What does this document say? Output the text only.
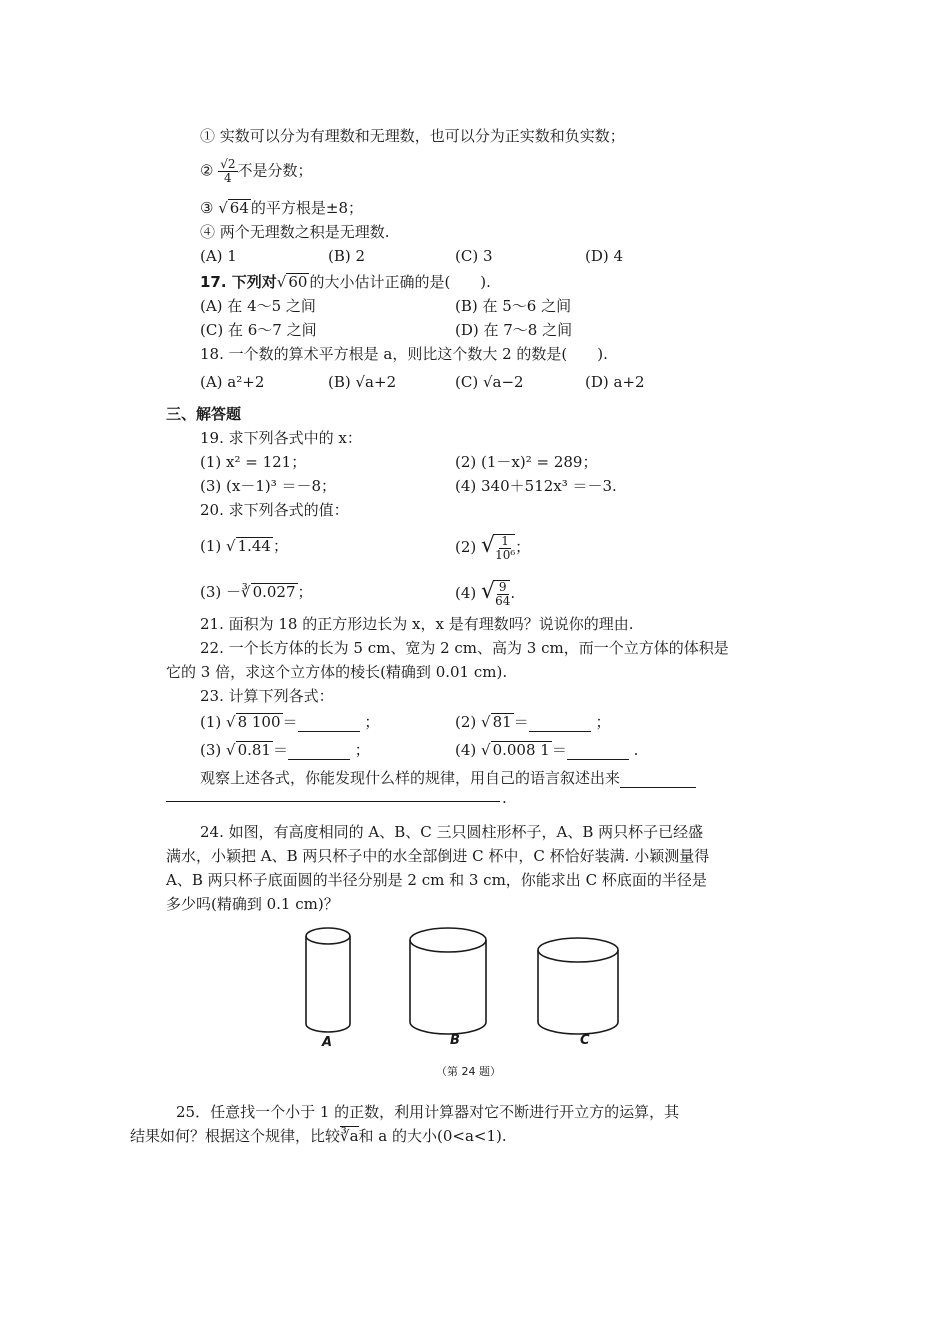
① 实数可以分为有理数和无理数，也可以分为正实数和负实数；
② $\frac{√2}{4}$ 不是分数；
③ √ 64 的平方根是±8；
④ 两个无理数之积是无理数.
(A) 1	(B) 2	(C) 3	(D) 4
17. 下列对√ 60 的大小估计正确的是(　　).
(A) 在 4～5 之间	(B) 在 5～6 之间
(C) 在 6～7 之间	(D) 在 7～8 之间
18. 一个数的算术平方根是 a，则比这个数大 2 的数是(　　).
(A) a²+2	(B) √a+2	(C) √a−2	(D) a+2
三、解答题
19. 求下列各式中的 x：
(1) x² = 121；	(2) (1－x)² = 289；
(3) (x－1)³ ＝－8；	(4) 340＋512x³ ＝－3.
20. 求下列各式的值：
(1) √ 1.44 ；	(2) √ $\frac{1}{\text{10⁶}}$ ；
(3) －∛ 0.027 ；	(4) √ $\frac{9}{64}$ .
21. 面积为 18 的正方形边长为 x，x 是有理数吗？说说你的理由.
22. 一个长方体的长为 5 cm、宽为 2 cm、高为 3 cm，而一个立方体的体积是
它的 3 倍，求这个立方体的棱长(精确到 0.01 cm).
23. 计算下列各式：
(1) √ 8 100 ＝	；	(2) √ 81 ＝	；
(3) √ 0.81 ＝	；	(4) √ 0.008 1 ＝	.
观察上述各式，你能发现什么样的规律，用自己的语言叙述出来
.
24. 如图，有高度相同的 A、B、C 三只圆柱形杯子，A、B 两只杯子已经盛
满水，小颖把 A、B 两只杯子中的水全部倒进 C 杯中，C 杯恰好装满. 小颖测量得
A、B 两只杯子底面圆的半径分别是 2 cm 和 3 cm，你能求出 C 杯底面的半径是
多少吗(精确到 0.1 cm)？
A	B	C
（第 24 题）
25．任意找一个小于 1 的正数，利用计算器对它不断进行开立方的运算，其
结果如何？根据这个规律，比较∛a和 a 的大小(0<a<1).
